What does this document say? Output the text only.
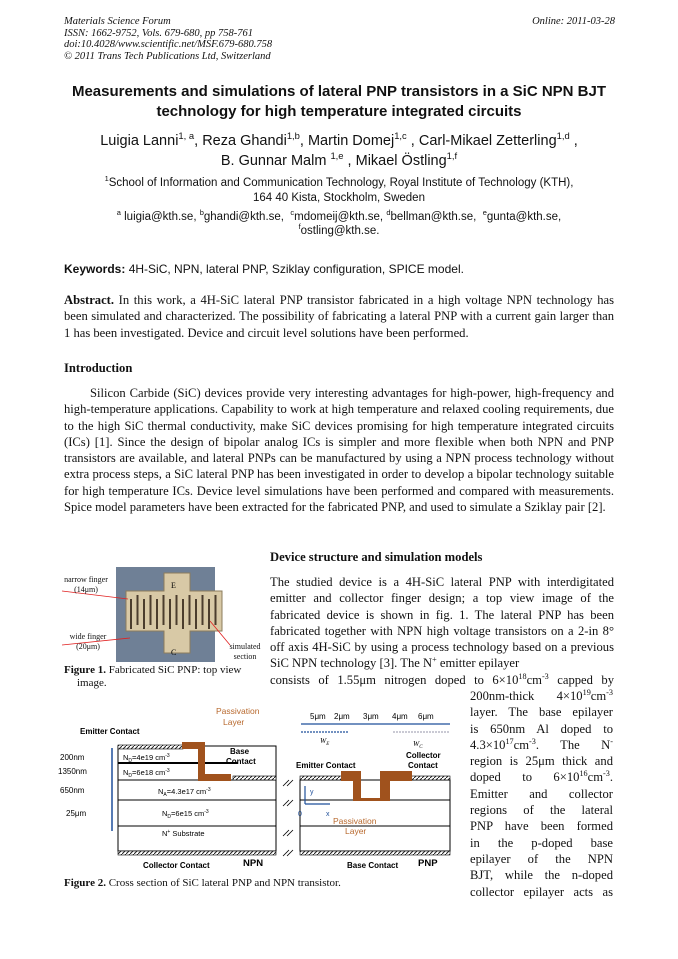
Materials Science Forum
ISSN: 1662-9752, Vols. 679-680, pp 758-761
doi:10.4028/www.scientific.net/MSF.679-680.758
© 2011 Trans Tech Publications Ltd, Switzerland
Online: 2011-03-28
Measurements and simulations of lateral PNP transistors in a SiC NPN BJT technology for high temperature integrated circuits
Luigia Lanni$^{1, a}$, Reza Ghandi$^{1,b}$, Martin Domej$^{1,c}$ , Carl-Mikael Zetterling$^{1,d}$ ,
B. Gunnar Malm $^{1,e}$ , Mikael Östling$^{1,f}$
$^1$School of Information and Communication Technology, Royal Institute of Technology (KTH),
164 40 Kista, Stockholm, Sweden
$^a$ luigia@kth.se, $^b$ghandi@kth.se, $^c$mdomeij@kth.se, $^d$bellman@kth.se, $^e$gunta@kth.se,
$^f$ostling@kth.se.
Keywords: 4H-SiC, NPN, lateral PNP, Sziklay configuration, SPICE model.
Abstract. In this work, a 4H-SiC lateral PNP transistor fabricated in a high voltage NPN technology has been simulated and characterized. The possibility of fabricating a lateral PNP with a current gain larger than 1 has been investigated. Device and circuit level solutions have been performed.
Introduction
Silicon Carbide (SiC) devices provide very interesting advantages for high-power, high-frequency and high-temperature applications. Capability to work at high temperature and relaxed cooling requirements, due to the high SiC thermal conductivity, make SiC devices promising for high temperature integrated circuits (ICs) [1]. Since the design of bipolar analog ICs is simpler and more flexible when both NPN and PNP transistors are available, and lateral PNPs can be manufactured by using a NPN process technology without extra process steps, a SiC lateral PNP has been investigated in order to develop a bipolar technology suitable for high temperature ICs. Device level simulations have been performed and compared with measurements. Spice model parameters have been extracted for the fabricated PNP, and used to simulate a Sziklay pair [2].
E
C
narrow finger
(14μm)
wide finger
(20μm)	simulated
section
Figure 1. Fabricated SiC PNP: top view image.
Device structure and simulation models
The studied device is a 4H-SiC lateral PNP with interdigitated emitter and collector finger design; a top view image of the fabricated device is shown in fig. 1. The lateral PNP has been fabricated together with NPN high voltage transistors on a 2-in 8° off axis 4H-SiC by using a process technology based on a previous SiC NPN technology [3]. The N+ emitter epilayer
consists of 1.55μm nitrogen doped to $6\times 10^{18}cm^{-3}$ capped by
200nm-thick $4\times 10^{19}cm^{-3}$
layer. The base epilayer
is 650nm Al doped to
$4.3\times 10^{17}cm^{-3}$. The N-
region is 25μm thick and
doped to $6\times 10^{16}cm^{-3}$.
Emitter and collector
regions of the lateral
PNP have been formed
in the p-doped base
epilayer of the NPN
BJT, while the n-doped
collector epilayer acts as
Emitter Contact
Passivation
Layer
Base
Contact
200nm
1350nm
650nm
25μm
$N_D=4e19$ $cm^{-3}$
$N_D=6e18$ $cm^{-3}$
$N_A=4.3e17$ $cm^{-3}$
$N_D=6e15$ $cm^{-3}$
N+ Substrate
Collector Contact	NPN
y
x
0
5μm 2μm 3μm 4μm 6μm
$W_E$	$W_C$
Emitter Contact
Collector
Contact
Passivation
Layer
Base Contact PNP
Figure 2. Cross section of SiC lateral PNP and NPN transistor.
